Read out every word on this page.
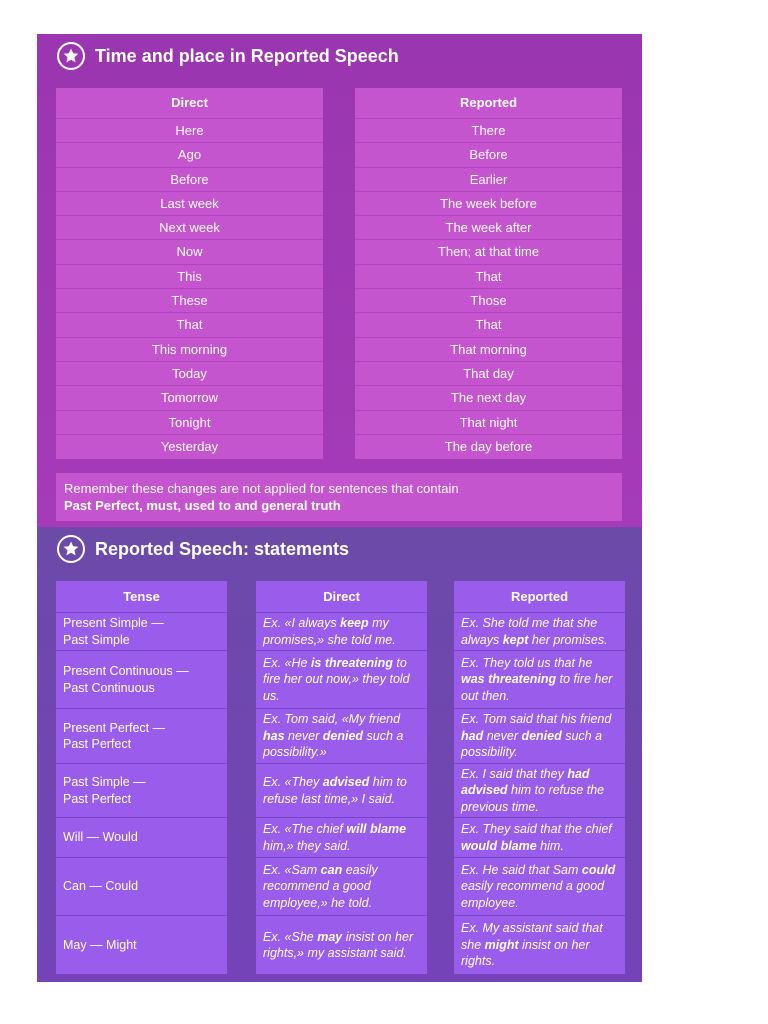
Time and place in Reported Speech
Direct
Here
Ago
Before
Last week
Next week
Now
This
These
That
This morning
Today
Tomorrow
Tonight
Yesterday
Reported
There
Before
Earlier
The week before
The week after
Then; at that time
That
Those
That
That morning
That day
The next day
That night
The day before
Remember these changes are not applied for sentences that contain
Past Perfect, must, used to and general truth
Reported Speech: statements
Tense
Present Simple —
Past Simple
Present Continuous —
Past Continuous
Present Perfect —
Past Perfect
Past Simple —
Past Perfect
Will — Would
Can — Could
May — Might
Direct
Ex. «I always keep my promises,» she told me.
Ex. «He is threatening to fire her out now,» they told us.
Ex. Tom said, «My friend has never denied such a possibility.»
Ex. «They advised him to refuse last time,» I said.
Ex. «The chief will blame him,» they said.
Ex. «Sam can easily recommend a good employee,» he told.
Ex. «She may insist on her rights,» my assistant said.
Reported
Ex. She told me that she always kept her promises.
Ex. They told us that he was threatening to fire her out then.
Ex. Tom said that his friend had never denied such a possibility.
Ex. I said that they had advised him to refuse the previous time.
Ex. They said that the chief would blame him.
Ex. He said that Sam could easily recommend a good employee.
Ex. My assistant said that she might insist on her rights.
